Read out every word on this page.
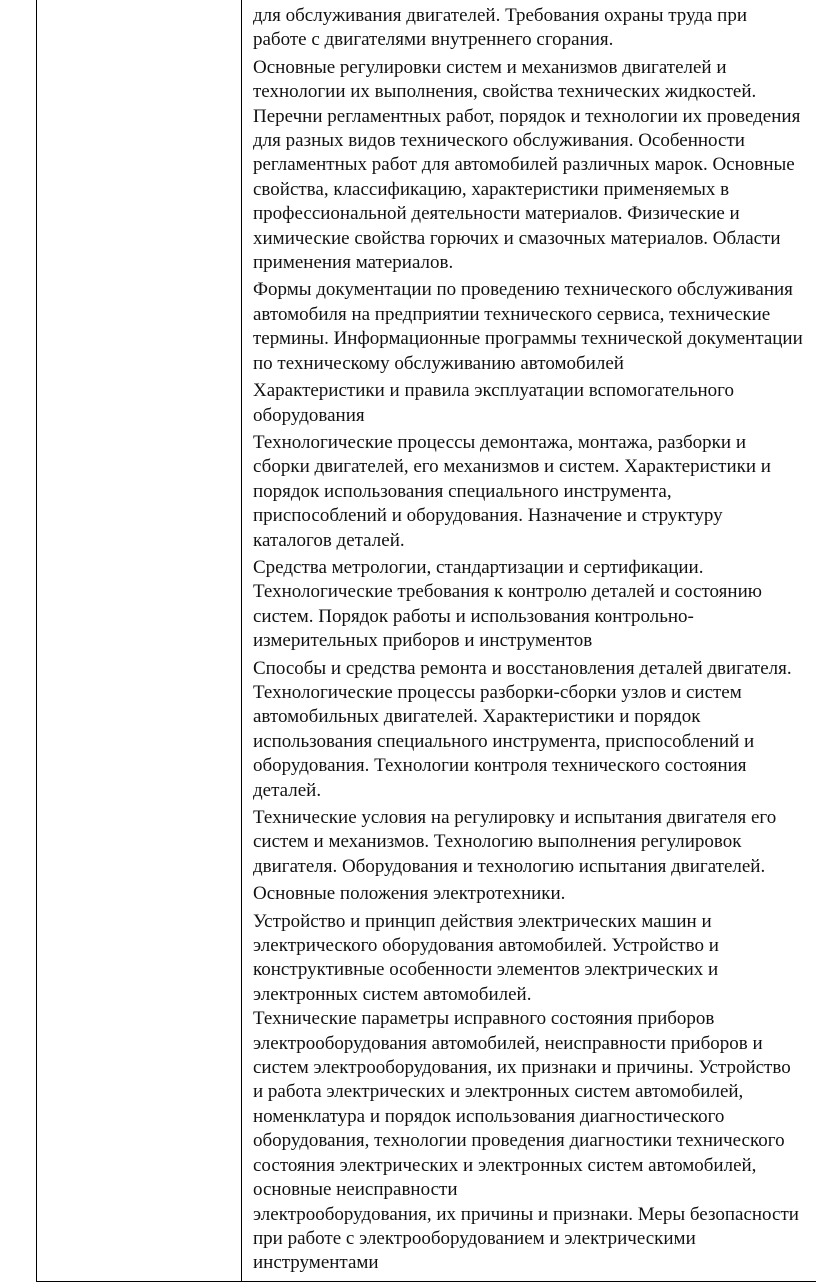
для обслуживания двигателей. Требования охраны труда при
работе с двигателями внутреннего сгорания.
Основные регулировки систем и механизмов двигателей и
технологии их выполнения, свойства технических жидкостей.
Перечни регламентных работ, порядок и технологии их проведения
для разных видов технического обслуживания. Особенности
регламентных работ для автомобилей различных марок. Основные
свойства, классификацию, характеристики применяемых в
профессиональной деятельности материалов. Физические и
химические свойства горючих и смазочных материалов. Области
применения материалов.
Формы документации по проведению технического обслуживания
автомобиля на предприятии технического сервиса, технические
термины. Информационные программы технической документации
по техническому обслуживанию автомобилей
Характеристики и правила эксплуатации вспомогательного
оборудования
Технологические процессы демонтажа, монтажа, разборки и
сборки двигателей, его механизмов и систем. Характеристики и
порядок использования специального инструмента,
приспособлений и оборудования. Назначение и структуру
каталогов деталей.
Средства метрологии, стандартизации и сертификации.
Технологические требования к контролю деталей и состоянию
систем. Порядок работы и использования контрольно-
измерительных приборов и инструментов
Способы и средства ремонта и восстановления деталей двигателя.
Технологические процессы разборки-сборки узлов и систем
автомобильных двигателей. Характеристики и порядок
использования специального инструмента, приспособлений и
оборудования. Технологии контроля технического состояния
деталей.
Технические условия на регулировку и испытания двигателя его
систем и механизмов. Технологию выполнения регулировок
двигателя. Оборудования и технологию испытания двигателей.
Основные положения электротехники.
Устройство и принцип действия электрических машин и
электрического оборудования автомобилей. Устройство и
конструктивные особенности элементов электрических и
электронных систем автомобилей.
Технические параметры исправного состояния приборов
электрооборудования автомобилей, неисправности приборов и
систем электрооборудования, их признаки и причины. Устройство
и работа электрических и электронных систем автомобилей,
номенклатура и порядок использования диагностического
оборудования, технологии проведения диагностики технического
состояния электрических и электронных систем автомобилей,
основные неисправности
электрооборудования, их причины и признаки. Меры безопасности
при работе с электрооборудованием и электрическими
инструментами
